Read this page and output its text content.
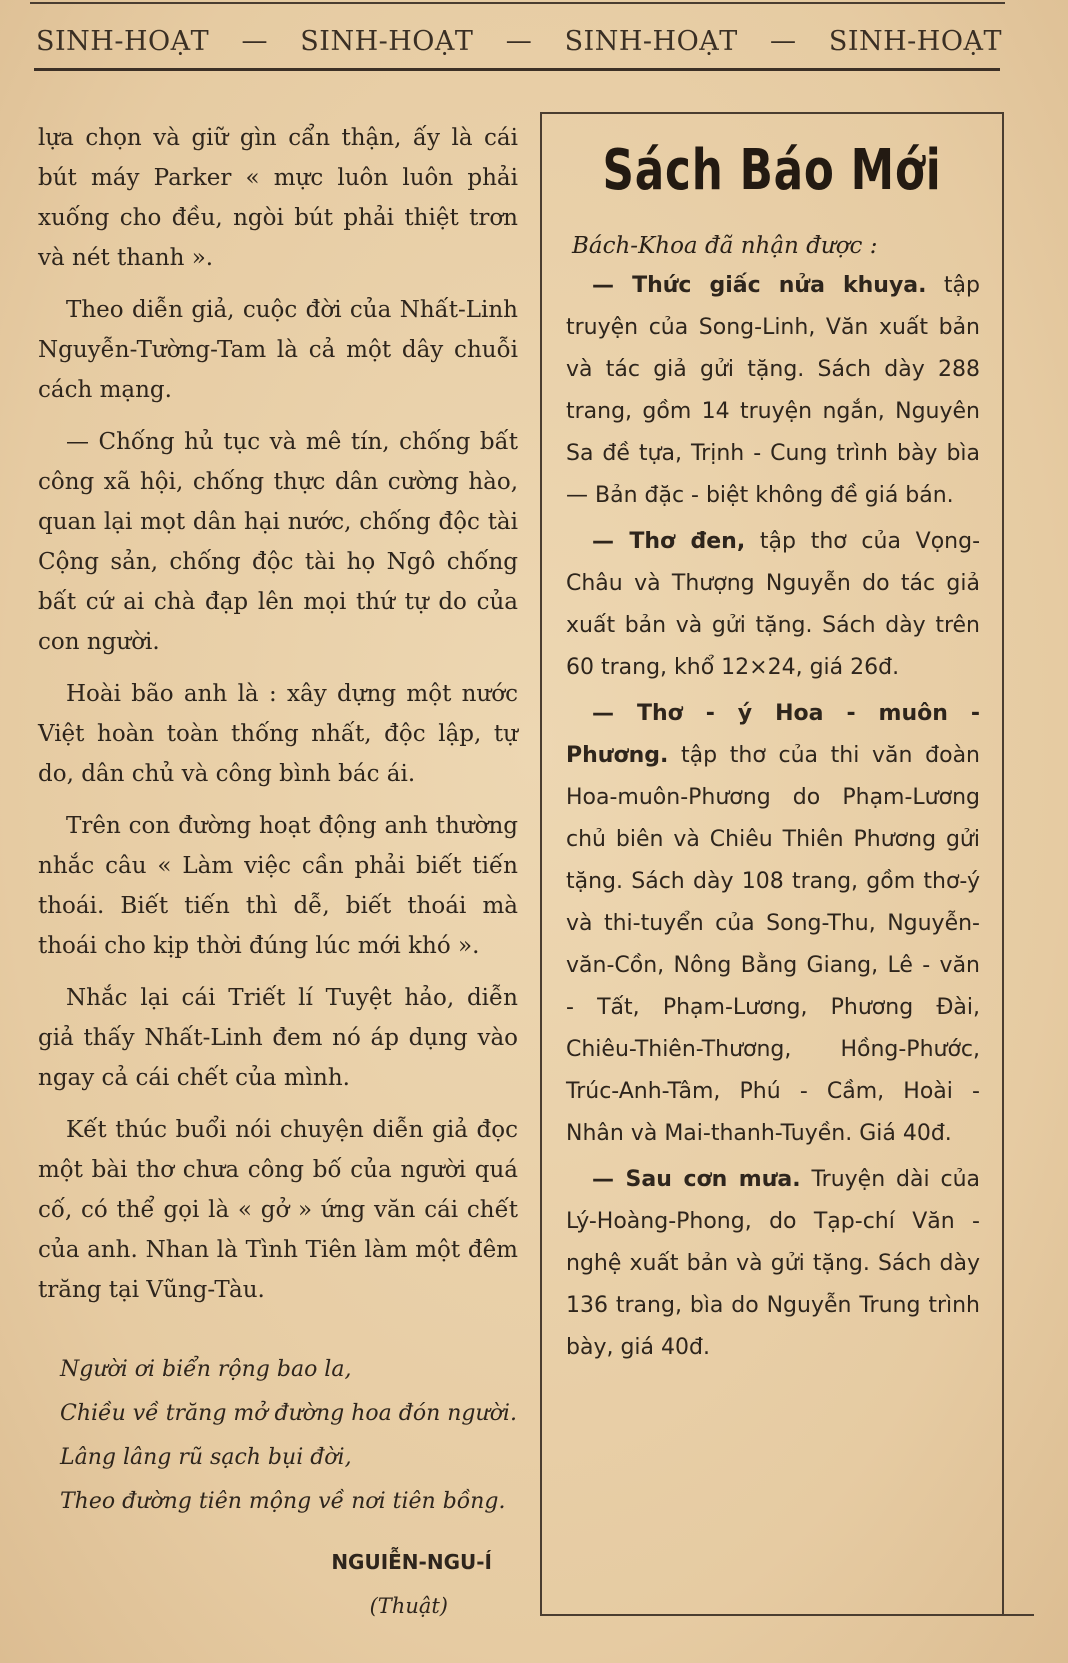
SINH-HOẠT — SINH-HOẠT — SINH-HOẠT — SINH-HOẠT

lựa chọn và giữ gìn cẩn thận, ấy là cái bút máy Parker « mực luôn luôn phải xuống cho đều, ngòi bút phải thiệt trơn và nét thanh ».

Theo diễn giả, cuộc đời của Nhất-Linh Nguyễn-Tường-Tam là cả một dây chuỗi cách mạng.

— Chống hủ tục và mê tín, chống bất công xã hội, chống thực dân cường hào, quan lại mọt dân hại nước, chống độc tài Cộng sản, chống độc tài họ Ngô chống bất cứ ai chà đạp lên mọi thứ tự do của con người.

Hoài bão anh là : xây dựng một nước Việt hoàn toàn thống nhất, độc lập, tự do, dân chủ và công bình bác ái.

Trên con đường hoạt động anh thường nhắc câu « Làm việc cần phải biết tiến thoái. Biết tiến thì dễ, biết thoái mà thoái cho kịp thời đúng lúc mới khó ».

Nhắc lại cái Triết lí Tuyệt hảo, diễn giả thấy Nhất-Linh đem nó áp dụng vào ngay cả cái chết của mình.

Kết thúc buổi nói chuyện diễn giả đọc một bài thơ chưa công bố của người quá cố, có thể gọi là « gở » ứng văn cái chết của anh. Nhan là Tình Tiên làm một đêm trăng tại Vũng-Tàu.

Người ơi biển rộng bao la,
Chiều về trăng mở đường hoa đón người.
Lâng lâng rũ sạch bụi đời,
Theo đường tiên mộng về nơi tiên bồng.
NGUIỄN-NGU-Í
(Thuật)
Sách Báo Mới
Bách-Khoa đã nhận được :

— Thức giấc nửa khuya. tập truyện của Song-Linh, Văn xuất bản và tác giả gửi tặng. Sách dày 288 trang, gồm 14 truyện ngắn, Nguyên Sa đề tựa, Trịnh - Cung trình bày bìa — Bản đặc - biệt không đề giá bán.

— Thơ đen, tập thơ của Vọng-Châu và Thượng Nguyễn do tác giả xuất bản và gửi tặng. Sách dày trên 60 trang, khổ 12×24, giá 26đ.

— Thơ - ý Hoa - muôn - Phương. tập thơ của thi văn đoàn Hoa-muôn-Phương do Phạm-Lương chủ biên và Chiêu Thiên Phương gửi tặng. Sách dày 108 trang, gồm thơ-ý và thi-tuyển của Song-Thu, Nguyễn-văn-Cồn, Nông Bằng Giang, Lê - văn - Tất, Phạm-Lương, Phương Đài, Chiêu-Thiên-Thương, Hồng-Phước, Trúc-Anh-Tâm, Phú - Cầm, Hoài - Nhân và Mai-thanh-Tuyền. Giá 40đ.

— Sau cơn mưa. Truyện dài của Lý-Hoàng-Phong, do Tạp-chí Văn - nghệ xuất bản và gửi tặng. Sách dày 136 trang, bìa do Nguyễn Trung trình bày, giá 40đ.
